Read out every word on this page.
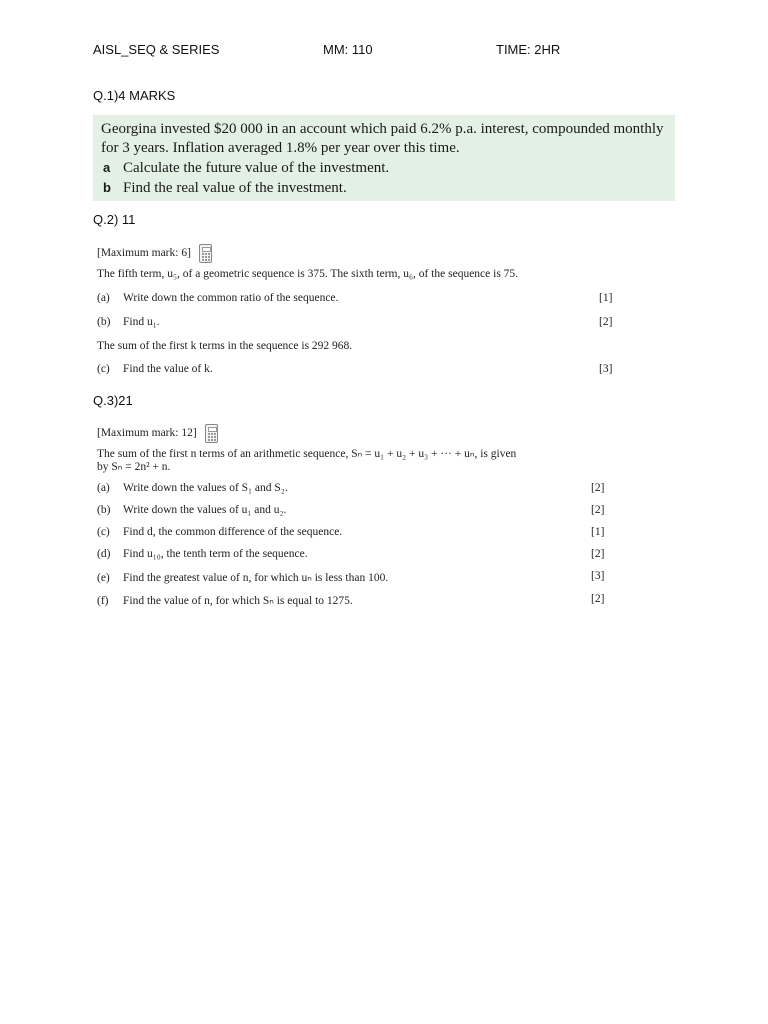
AISL_SEQ & SERIES	MM: 110	TIME: 2HR
Q.1)4 MARKS
Georgina invested $20 000 in an account which paid 6.2% p.a. interest, compounded monthly
for 3 years. Inflation averaged 1.8% per year over this time.
a Calculate the future value of the investment.
b Find the real value of the investment.
Q.2) 11
[Maximum mark: 6]
The fifth term, u₅, of a geometric sequence is 375. The sixth term, u₆, of the sequence is 75.
(a) Write down the common ratio of the sequence.	[1]
(b) Find u₁.	[2]
The sum of the first k terms in the sequence is 292 968.
(c) Find the value of k.	[3]
Q.3)21
[Maximum mark: 12]
The sum of the first n terms of an arithmetic sequence, Sₙ = u₁ + u₂ + u₃ + ··· + uₙ, is given
by Sₙ = 2n² + n.
(a) Write down the values of S₁ and S₂.	[2]
(b) Write down the values of u₁ and u₂.	[2]
(c) Find d, the common difference of the sequence.	[1]
(d) Find u₁₀, the tenth term of the sequence.	[2]
(e) Find the greatest value of n, for which uₙ is less than 100.	[3]
(f) Find the value of n, for which Sₙ is equal to 1275.	[2]
